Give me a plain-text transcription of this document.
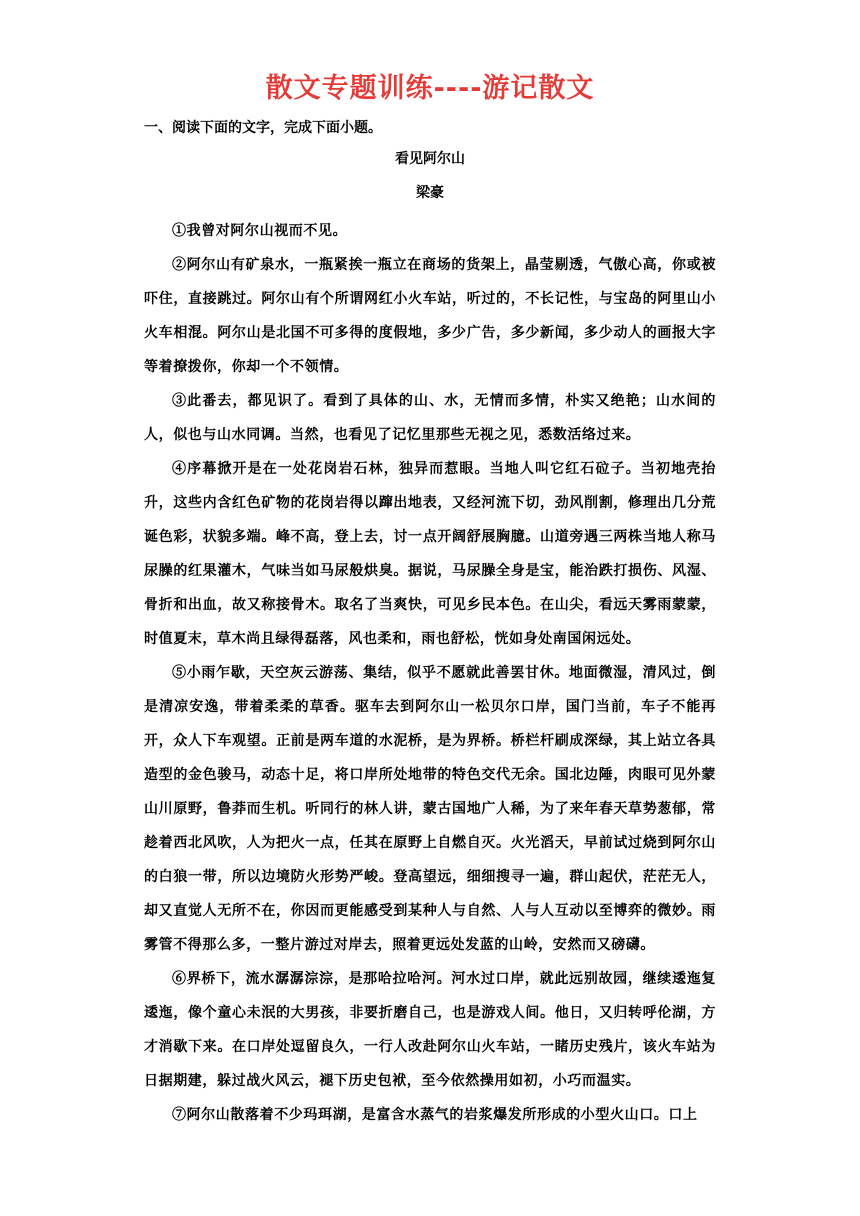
散文专题训练----游记散文
一、阅读下面的文字，完成下面小题。
看见阿尔山
梁豪

①我曾对阿尔山视而不见。

②阿尔山有矿泉水，一瓶紧挨一瓶立在商场的货架上，晶莹剔透，气傲心高，你或被吓住，直接跳过。阿尔山有个所谓网红小火车站，听过的，不长记性，与宝岛的阿里山小火车相混。阿尔山是北国不可多得的度假地，多少广告，多少新闻，多少动人的画报大字等着撩拨你，你却一个不领情。

③此番去，都见识了。看到了具体的山、水，无情而多情，朴实又绝艳；山水间的人，似也与山水同调。当然，也看见了记忆里那些无视之见，悉数活络过来。

④序幕掀开是在一处花岗岩石林，独异而惹眼。当地人叫它红石砬子。当初地壳抬升，这些内含红色矿物的花岗岩得以蹿出地表，又经河流下切，劲风削割，修理出几分荒诞色彩，状貌多端。峰不高，登上去，讨一点开阔舒展胸臆。山道旁遇三两株当地人称马尿臊的红果灌木，气味当如马尿般烘臭。据说，马尿臊全身是宝，能治跌打损伤、风湿、骨折和出血，故又称接骨木。取名了当爽快，可见乡民本色。在山尖，看远天雾雨蒙蒙，时值夏末，草木尚且绿得磊落，风也柔和，雨也舒松，恍如身处南国闲远处。

⑤小雨乍歇，天空灰云游荡、集结，似乎不愿就此善罢甘休。地面微湿，清风过，倒是清凉安逸，带着柔柔的草香。驱车去到阿尔山一松贝尔口岸，国门当前，车子不能再开，众人下车观望。正前是两车道的水泥桥，是为界桥。桥栏杆刷成深绿，其上站立各具造型的金色骏马，动态十足，将口岸所处地带的特色交代无余。国北边陲，肉眼可见外蒙山川原野，鲁莽而生机。听同行的林人讲，蒙古国地广人稀，为了来年春天草势葱郁，常趁着西北风吹，人为把火一点，任其在原野上自燃自灭。火光滔天，早前试过烧到阿尔山的白狼一带，所以边境防火形势严峻。登高望远，细细搜寻一遍，群山起伏，茫茫无人，却又直觉人无所不在，你因而更能感受到某种人与自然、人与人互动以至博弈的微妙。雨雾管不得那么多，一整片游过对岸去，照着更远处发蓝的山岭，安然而又磅礴。

⑥界桥下，流水潺潺淙淙，是那哈拉哈河。河水过口岸，就此远别故园，继续逶迤复逶迤，像个童心未泯的大男孩，非要折磨自己，也是游戏人间。他日，又归转呼伦湖，方才消歇下来。在口岸处逗留良久，一行人改赴阿尔山火车站，一睹历史残片，该火车站为日据期建，躲过战火风云，褪下历史包袱，至今依然操用如初，小巧而温实。

⑦阿尔山散落着不少玛珥湖，是富含水蒸气的岩浆爆发所形成的小型火山口。口上
